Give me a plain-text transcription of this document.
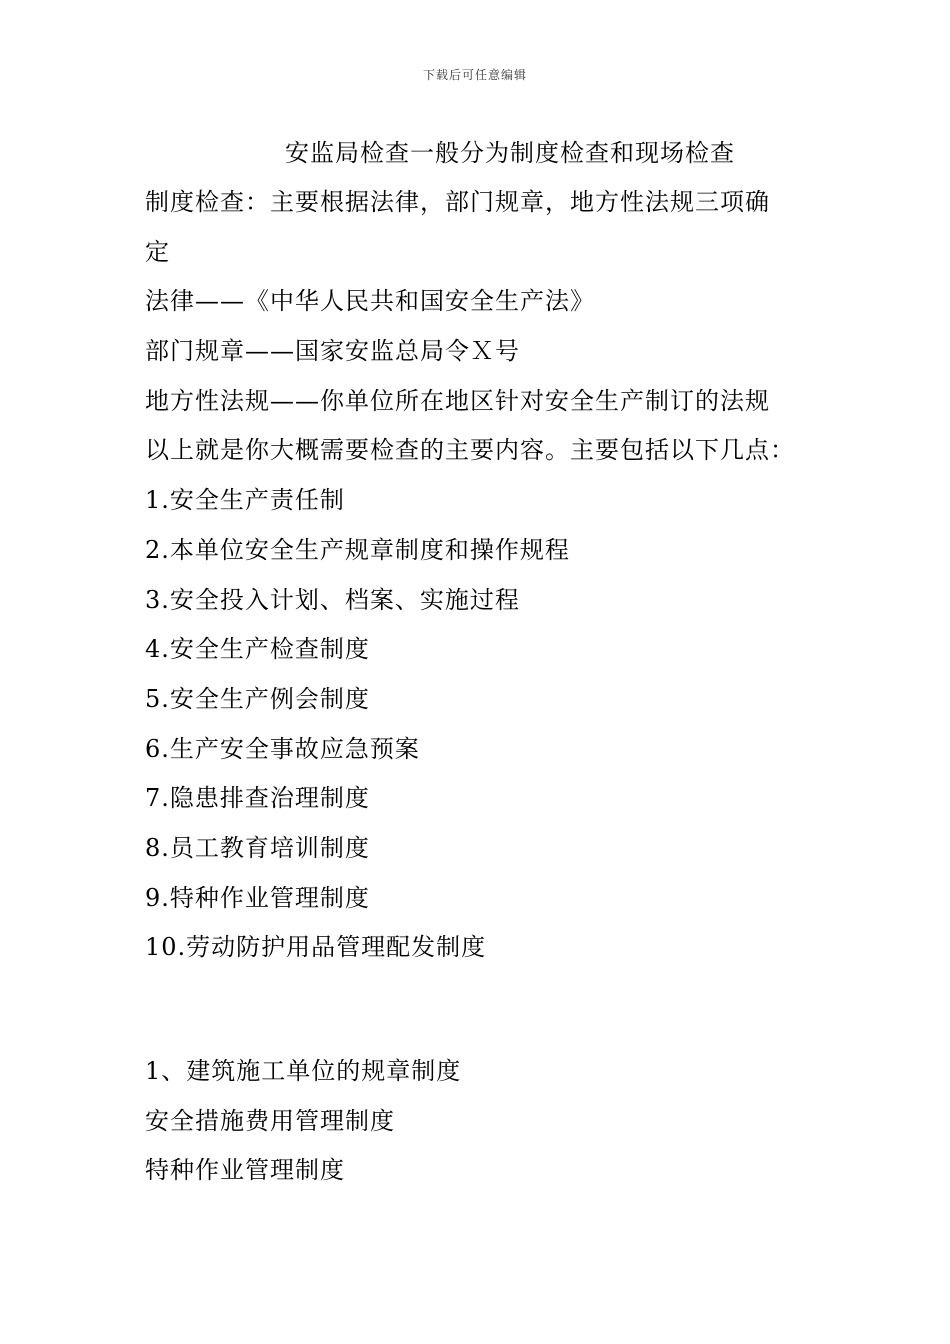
下载后可任意编辑
安监局检查一般分为制度检查和现场检查
制度检查：主要根据法律，部门规章，地方性法规三项确
定
法律——《中华人民共和国安全生产法》
部门规章——国家安监总局令Ｘ号
地方性法规——你单位所在地区针对安全生产制订的法规
以上就是你大概需要检查的主要内容。主要包括以下几点：
1.安全生产责任制
2.本单位安全生产规章制度和操作规程
3.安全投入计划、档案、实施过程
4.安全生产检查制度
5.安全生产例会制度
6.生产安全事故应急预案
7.隐患排查治理制度
8.员工教育培训制度
9.特种作业管理制度
10.劳动防护用品管理配发制度
1、建筑施工单位的规章制度
安全措施费用管理制度
特种作业管理制度
